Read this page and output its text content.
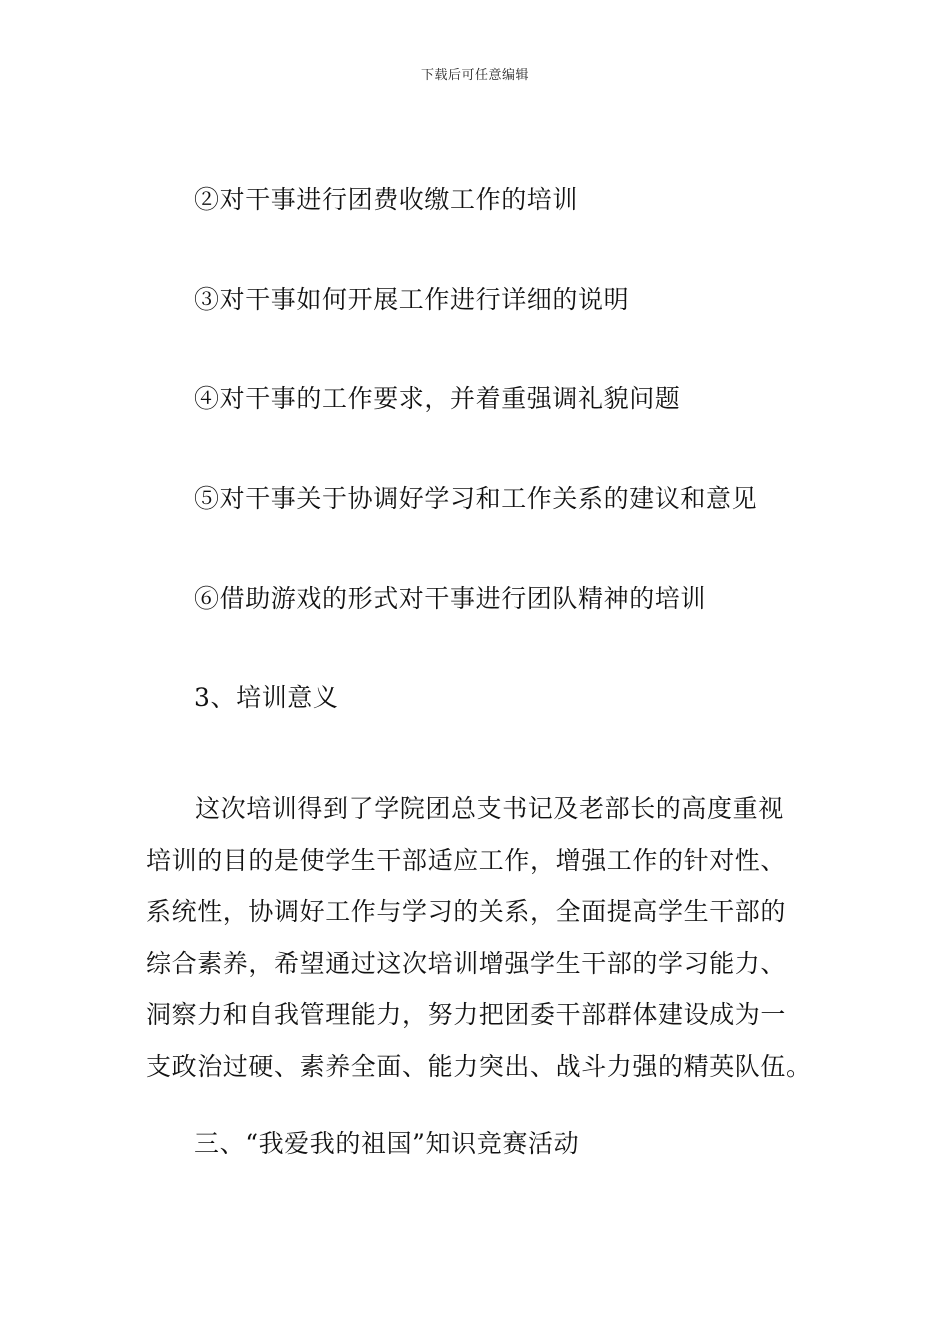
下载后可任意编辑
②对干事进行团费收缴工作的培训
③对干事如何开展工作进行详细的说明
④对干事的工作要求，并着重强调礼貌问题
⑤对干事关于协调好学习和工作关系的建议和意见
⑥借助游戏的形式对干事进行团队精神的培训
3、培训意义
这次培训得到了学院团总支书记及老部长的高度重视
培训的目的是使学生干部适应工作，增强工作的针对性、
系统性，协调好工作与学习的关系，全面提高学生干部的
综合素养，希望通过这次培训增强学生干部的学习能力、
洞察力和自我管理能力，努力把团委干部群体建设成为一
支政治过硬、素养全面、能力突出、战斗力强的精英队伍。
三、“我爱我的祖国”知识竞赛活动
